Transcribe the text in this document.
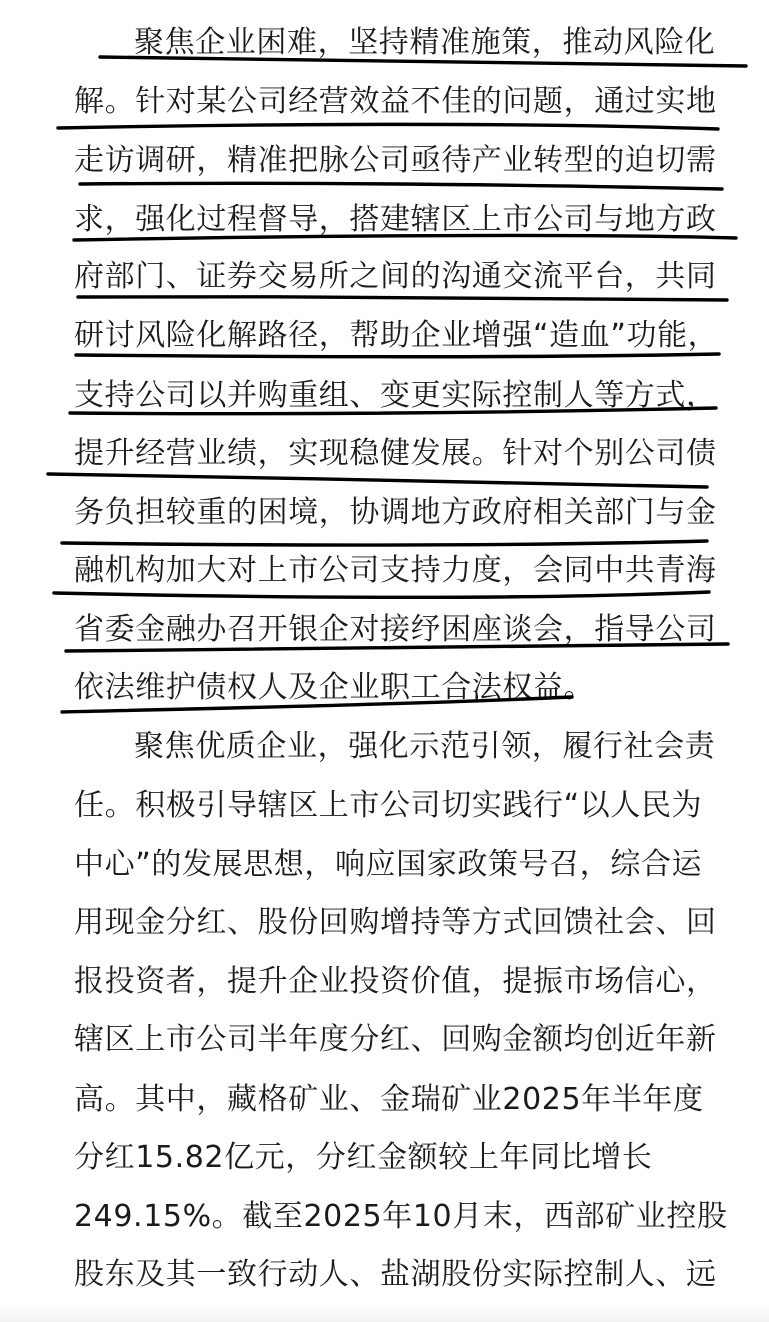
聚焦企业困难，坚持精准施策，推动风险化
解。针对某公司经营效益不佳的问题，通过实地
走访调研，精准把脉公司亟待产业转型的迫切需
求，强化过程督导，搭建辖区上市公司与地方政
府部门、证券交易所之间的沟通交流平台，共同
研讨风险化解路径，帮助企业增强“造血”功能，
支持公司以并购重组、变更实际控制人等方式，
提升经营业绩，实现稳健发展。针对个别公司债
务负担较重的困境，协调地方政府相关部门与金
融机构加大对上市公司支持力度，会同中共青海
省委金融办召开银企对接纾困座谈会，指导公司
依法维护债权人及企业职工合法权益。
聚焦优质企业，强化示范引领，履行社会责
任。积极引导辖区上市公司切实践行“以人民为
中心”的发展思想，响应国家政策号召，综合运
用现金分红、股份回购增持等方式回馈社会、回
报投资者，提升企业投资价值，提振市场信心，
辖区上市公司半年度分红、回购金额均创近年新
高。其中，藏格矿业、金瑞矿业2025年半年度
分红15.82亿元，分红金额较上年同比增长
249.15%。截至2025年10月末，西部矿业控股
股东及其一致行动人、盐湖股份实际控制人、远
